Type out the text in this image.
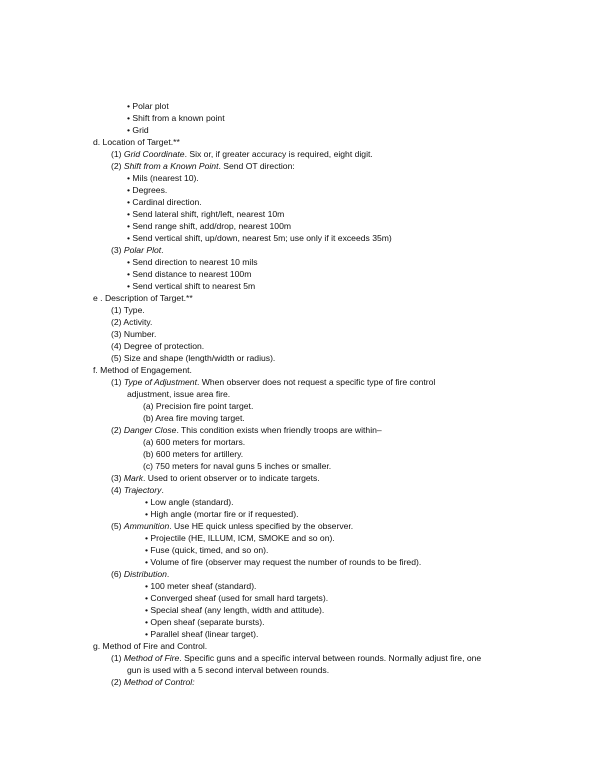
• Polar plot
• Shift from a known point
• Grid
d. Location of Target.**
(1) Grid Coordinate. Six or, if greater accuracy is required, eight digit.
(2) Shift from a Known Point. Send OT direction:
• Mils (nearest 10).
• Degrees.
• Cardinal direction.
• Send lateral shift, right/left, nearest 10m
• Send range shift, add/drop, nearest 100m
• Send vertical shift, up/down, nearest 5m; use only if it exceeds 35m)
(3) Polar Plot.
• Send direction to nearest 10 mils
• Send distance to nearest 100m
• Send vertical shift to nearest 5m
e . Description of Target.**
(1) Type.
(2) Activity.
(3) Number.
(4) Degree of protection.
(5) Size and shape (length/width or radius).
f. Method of Engagement.
(1) Type of Adjustment. When observer does not request a specific type of fire control
adjustment, issue area fire.
(a) Precision fire point target.
(b) Area fire moving target.
(2) Danger Close. This condition exists when friendly troops are within–
(a) 600 meters for mortars.
(b) 600 meters for artillery.
(c) 750 meters for naval guns 5 inches or smaller.
(3) Mark. Used to orient observer or to indicate targets.
(4) Trajectory.
• Low angle (standard).
• High angle (mortar fire or if requested).
(5) Ammunition. Use HE quick unless specified by the observer.
• Projectile (HE, ILLUM, ICM, SMOKE and so on).
• Fuse (quick, timed, and so on).
• Volume of fire (observer may request the number of rounds to be fired).
(6) Distribution.
• 100 meter sheaf (standard).
• Converged sheaf (used for small hard targets).
• Special sheaf (any length, width and attitude).
• Open sheaf (separate bursts).
• Parallel sheaf (linear target).
g. Method of Fire and Control.
(1) Method of Fire. Specific guns and a specific interval between rounds. Normally adjust fire, one
gun is used with a 5 second interval between rounds.
(2) Method of Control:
